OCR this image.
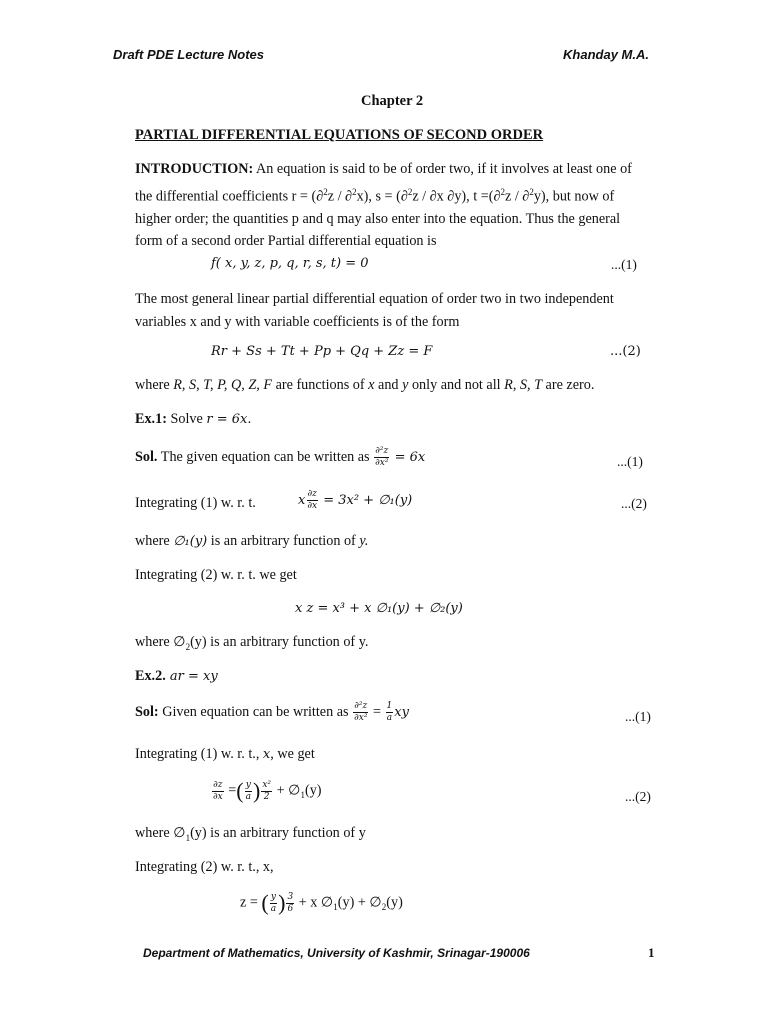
Draft PDE Lecture Notes	Khanday M.A.
Chapter 2
PARTIAL DIFFERENTIAL EQUATIONS OF SECOND ORDER
INTRODUCTION: An equation is said to be of order two, if it involves at least one of the differential coefficients r = (∂$^2$z / ∂$^2$x), s = (∂$^2$z / ∂x ∂y), t =(∂$^2$z / ∂$^2$y), but now of higher order; the quantities p and q may also enter into the equation. Thus the general form of a second order Partial differential equation is
f( x, y, z, p, q, r, s, t) = 0	...(1)
The most general linear partial differential equation of order two in two independent variables x and y with variable coefficients is of the form
Rr + Ss + Tt + Pp + Qq + Zz = F	...(2)
where R, S, T, P, Q, Z, F are functions of x and y only and not all R, S, T are zero.
Ex.1: Solve r = 6x.
Sol. The given equation can be written as $\frac{\text{∂²z}}{\text{∂x²}} = 6x$	...(1)
Integrating (1) w. r. t.	x $\frac{\partial z}{\partial x} = 3x^2$ + ∅₁(y)	...(2)
where ∅₁(y) is an arbitrary function of y.
Integrating (2) w. r. t. we get
x z = x³ + x ∅₁(y) + ∅₂(y)
where $\emptyset_2(y)$ is an arbitrary function of y.
Ex.2. ar = xy
Sol: Given equation can be written as $\frac{\text{∂²z}}{\text{∂x²}} = \frac{1}{a}$ xy	...(1)
Integrating (1) w. r. t., x, we get
$\frac{\partial z}{\partial x}$ =( $\frac{y}{a}$ ) $\frac{\text{x²}}{2}$ + $\emptyset_1(y)$	...(2)
where $\emptyset_1(y)$ is an arbitrary function of y
Integrating (2) w. r. t., x,
z = ( $\frac{y}{a}$ ) $\frac{3}{6} + x$ $\emptyset_1(y)$ + $\emptyset_2(y)$
Department of Mathematics, University of Kashmir, Srinagar-190006	1
